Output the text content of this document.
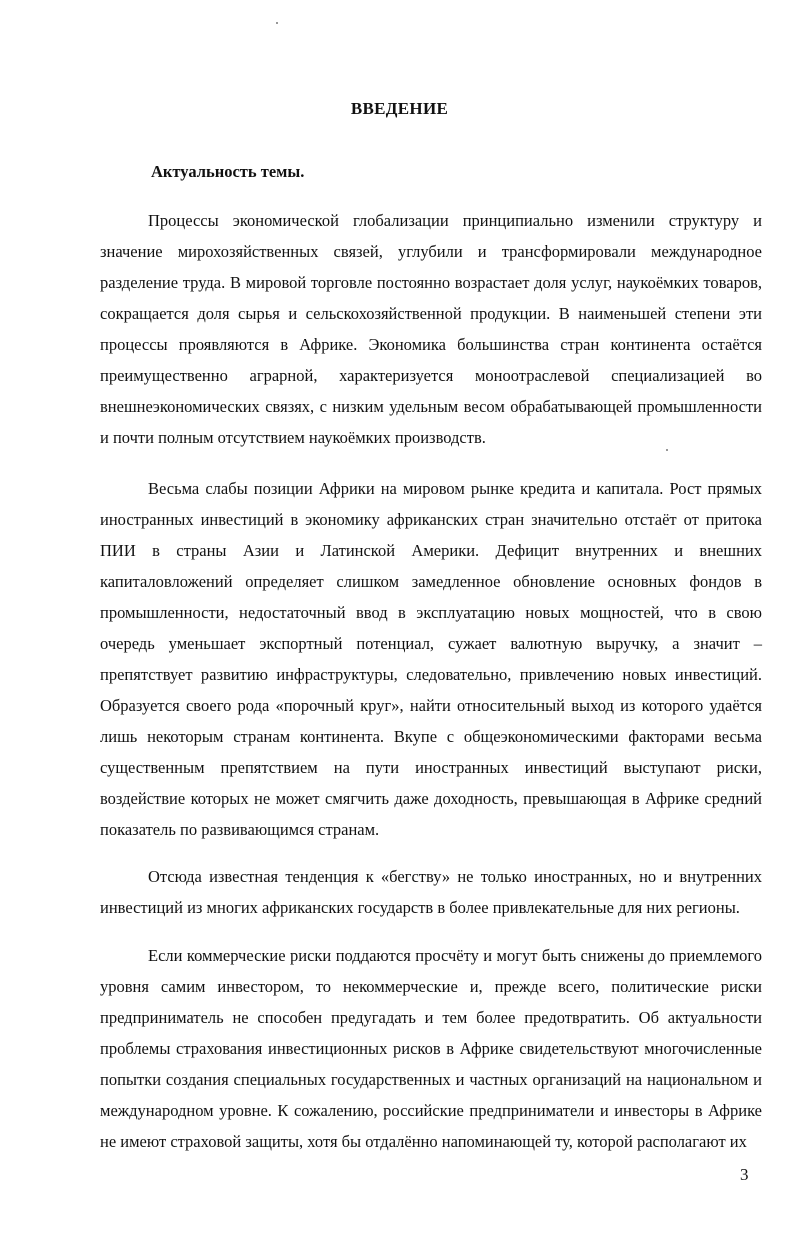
ВВЕДЕНИЕ
Актуальность темы.

Процессы экономической глобализации принципиально изменили структуру и значение мирохозяйственных связей, углубили и трансформировали международное разделение труда. В мировой торговле постоянно возрастает доля услуг, наукоёмких товаров, сокращается доля сырья и сельскохозяйственной продукции. В наименьшей степени эти процессы проявляются в Африке. Экономика большинства стран континента остаётся преимущественно аграрной, характеризуется моноотраслевой специализацией во внешнеэкономических связях, с низким удельным весом обрабатывающей промышленности и почти полным отсутствием наукоёмких производств.

Весьма слабы позиции Африки на мировом рынке кредита и капитала. Рост прямых иностранных инвестиций в экономику африканских стран значительно отстаёт от притока ПИИ в страны Азии и Латинской Америки. Дефицит внутренних и внешних капиталовложений определяет слишком замедленное обновление основных фондов в промышленности, недостаточный ввод в эксплуатацию новых мощностей, что в свою очередь уменьшает экспортный потенциал, сужает валютную выручку, а значит – препятствует развитию инфраструктуры, следовательно, привлечению новых инвестиций. Образуется своего рода «порочный круг», найти относительный выход из которого удаётся лишь некоторым странам континента. Вкупе с общеэкономическими факторами весьма существенным препятствием на пути иностранных инвестиций выступают риски, воздействие которых не может смягчить даже доходность, превышающая в Африке средний показатель по развивающимся странам.

Отсюда известная тенденция к «бегству» не только иностранных, но и внутренних инвестиций из многих африканских государств в более привлекательные для них регионы.

Если коммерческие риски поддаются просчёту и могут быть снижены до приемлемого уровня самим инвестором, то некоммерческие и, прежде всего, политические риски предприниматель не способен предугадать и тем более предотвратить. Об актуальности проблемы страхования инвестиционных рисков в Африке свидетельствуют многочисленные попытки создания специальных государственных и частных организаций на национальном и международном уровне. К сожалению, российские предприниматели и инвесторы в Африке не имеют страховой защиты, хотя бы отдалённо напоминающей ту, которой располагают их

3
